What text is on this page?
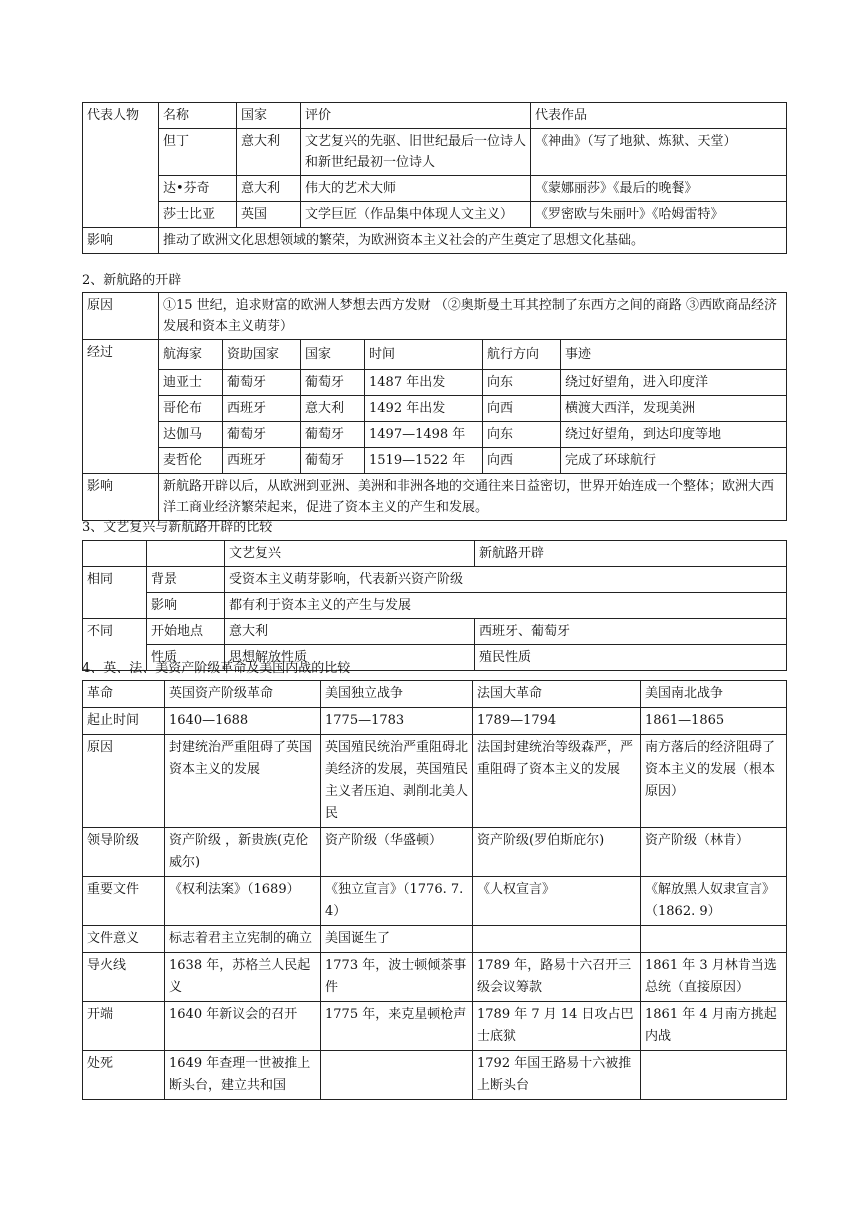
代表人物	名称	国家	评价	代表作品
	但丁	意大利	文艺复兴的先驱、旧世纪最后一位诗人和新世纪最初一位诗人	《神曲》（写了地狱、炼狱、天堂）
	达•芬奇	意大利	伟大的艺术大师	《蒙娜丽莎》《最后的晚餐》
	莎士比亚	英国	文学巨匠（作品集中体现人文主义）	《罗密欧与朱丽叶》《哈姆雷特》
影响	推动了欧洲文化思想领域的繁荣，为欧洲资本主义社会的产生奠定了思想文化基础。			
2、新航路的开辟
原因	①15 世纪，追求财富的欧洲人梦想去西方发财 （②奥斯曼土耳其控制了东西方之间的商路 ③西欧商品经济发展和资本主义萌芽）					
经过	航海家	资助国家	国家	时间	航行方向	事迹
	迪亚士	葡萄牙	葡萄牙	1487 年出发	向东	绕过好望角，进入印度洋
	哥伦布	西班牙	意大利	1492 年出发	向西	横渡大西洋，发现美洲
	达伽马	葡萄牙	葡萄牙	1497—1498 年	向东	绕过好望角，到达印度等地
	麦哲伦	西班牙	葡萄牙	1519—1522 年	向西	完成了环球航行
影响	新航路开辟以后，从欧洲到亚洲、美洲和非洲各地的交通往来日益密切，世界开始连成一个整体；欧洲大西洋工商业经济繁荣起来，促进了资本主义的产生和发展。					
3、文艺复兴与新航路开辟的比较
		文艺复兴	新航路开辟
相同	背景	受资本主义萌芽影响，代表新兴资产阶级	
	影响	都有利于资本主义的产生与发展	
不同	开始地点	意大利	西班牙、葡萄牙
	性质	思想解放性质	殖民性质
4、英、法、美资产阶级革命及美国内战的比较
革命	英国资产阶级革命	美国独立战争	法国大革命	美国南北战争
起止时间	1640—1688	1775—1783	1789—1794	1861—1865
原因	封建统治严重阻碍了英国资本主义的发展	英国殖民统治严重阻碍北美经济的发展，英国殖民主义者压迫、剥削北美人民	法国封建统治等级森严，严重阻碍了资本主义的发展	南方落后的经济阻碍了资本主义的发展（根本原因）
领导阶级	资产阶级 ，新贵族(克伦威尔)	资产阶级（华盛顿）	资产阶级(罗伯斯庇尔)	资产阶级（林肯）
重要文件	《权利法案》（1689）	《独立宣言》（1776. 7. 4）	《人权宣言》	《解放黑人奴隶宣言》（1862. 9）
文件意义	标志着君主立宪制的确立	美国诞生了		
导火线	1638 年，苏格兰人民起义	1773 年，波士顿倾茶事件	1789 年，路易十六召开三级会议筹款	1861 年 3 月林肯当选总统（直接原因）
开端	1640 年新议会的召开	1775 年，来克星顿枪声	1789 年 7 月 14 日攻占巴士底狱	1861 年 4 月南方挑起内战
处死	1649 年查理一世被推上断头台，建立共和国		1792 年国王路易十六被推上断头台	
